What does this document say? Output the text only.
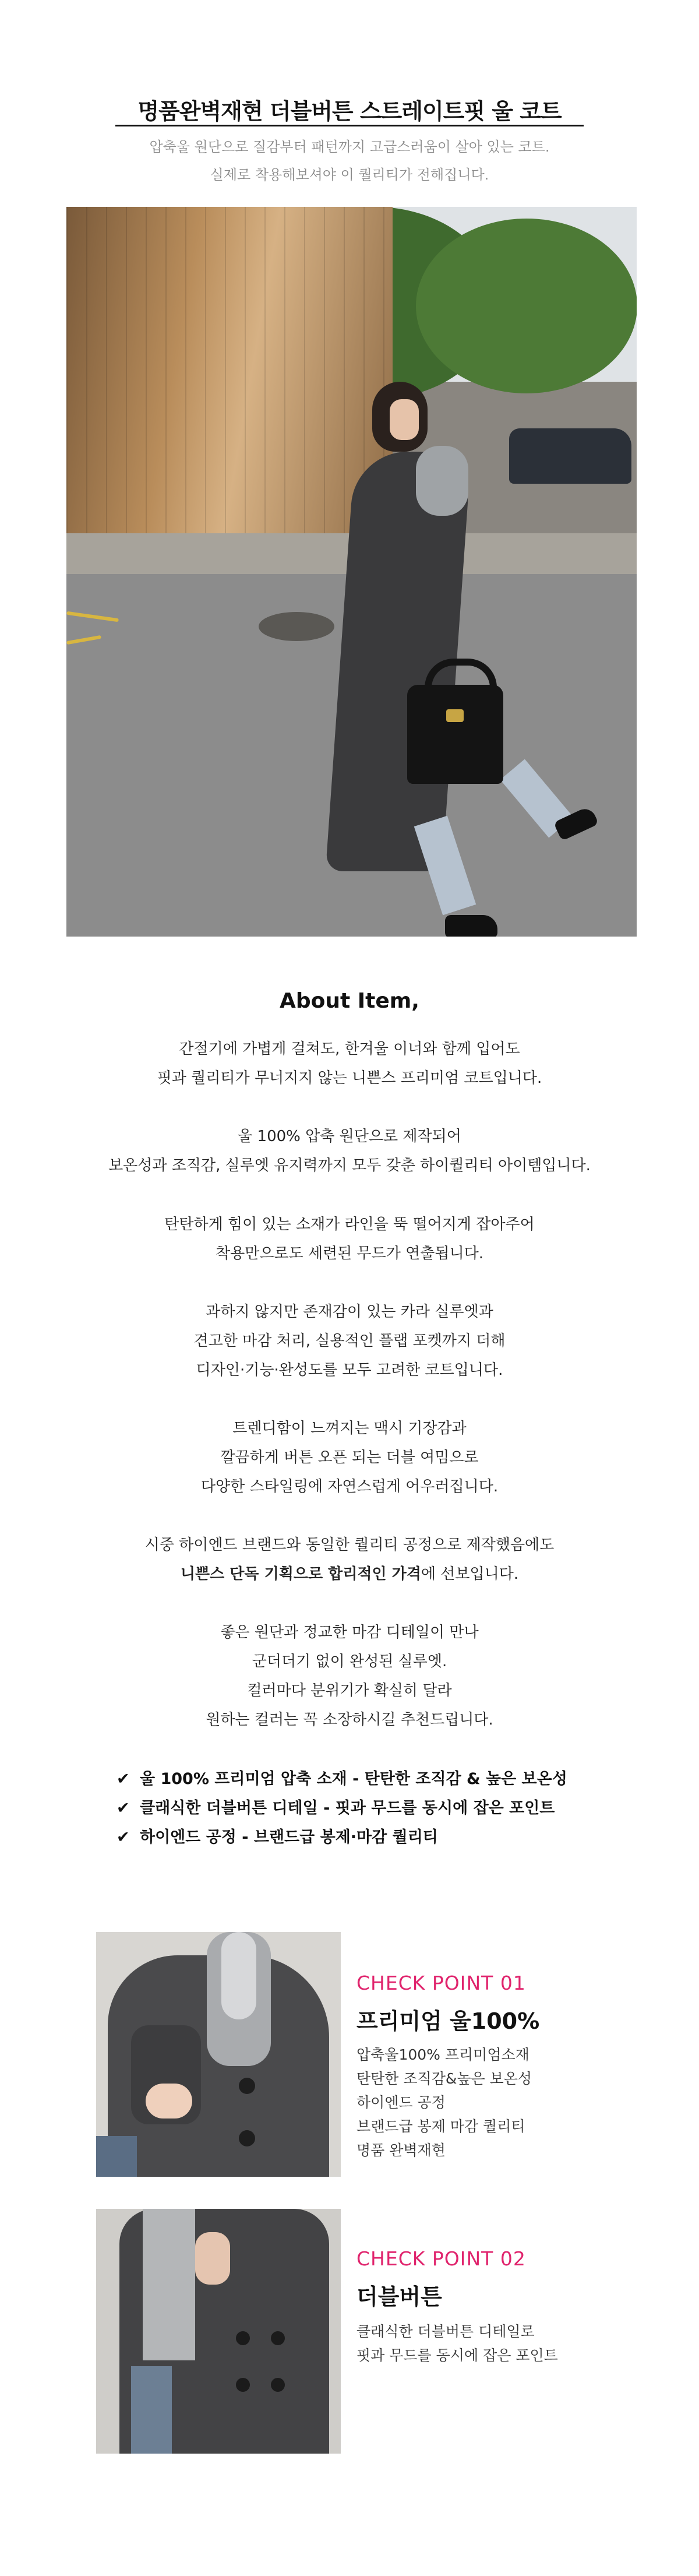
명품완벽재현 더블버튼 스트레이트핏 울 코트
압축울 원단으로 질감부터 패턴까지 고급스러움이 살아 있는 코트.
실제로 착용해보셔야 이 퀄리티가 전해집니다.
About Item,
간절기에 가볍게 걸쳐도, 한겨울 이너와 함께 입어도
핏과 퀄리티가 무너지지 않는 니쁜스 프리미엄 코트입니다.
울 100% 압축 원단으로 제작되어
보온성과 조직감, 실루엣 유지력까지 모두 갖춘 하이퀄리티 아이템입니다.
탄탄하게 힘이 있는 소재가 라인을 뚝 떨어지게 잡아주어
착용만으로도 세련된 무드가 연출됩니다.
과하지 않지만 존재감이 있는 카라 실루엣과
견고한 마감 처리, 실용적인 플랩 포켓까지 더해
디자인·기능·완성도를 모두 고려한 코트입니다.
트렌디함이 느껴지는 맥시 기장감과
깔끔하게 버튼 오픈 되는 더블 여밈으로
다양한 스타일링에 자연스럽게 어우러집니다.
시중 하이엔드 브랜드와 동일한 퀄리티 공정으로 제작했음에도
니쁜스 단독 기획으로 합리적인 가격에 선보입니다.
좋은 원단과 정교한 마감 디테일이 만나
군더더기 없이 완성된 실루엣.
컬러마다 분위기가 확실히 달라
원하는 컬러는 꼭 소장하시길 추천드립니다.
✔ 울 100% 프리미엄 압축 소재 - 탄탄한 조직감 & 높은 보온성
✔ 클래식한 더블버튼 디테일 - 핏과 무드를 동시에 잡은 포인트
✔ 하이엔드 공정 - 브랜드급 봉제·마감 퀄리티
CHECK POINT 01
프리미엄 울100%
압축울100% 프리미엄소재
탄탄한 조직감&높은 보온성
하이엔드 공정
브랜드급 봉제 마감 퀄리티
명품 완벽재현
CHECK POINT 02
더블버튼
클래식한 더블버튼 디테일로
핏과 무드를 동시에 잡은 포인트
